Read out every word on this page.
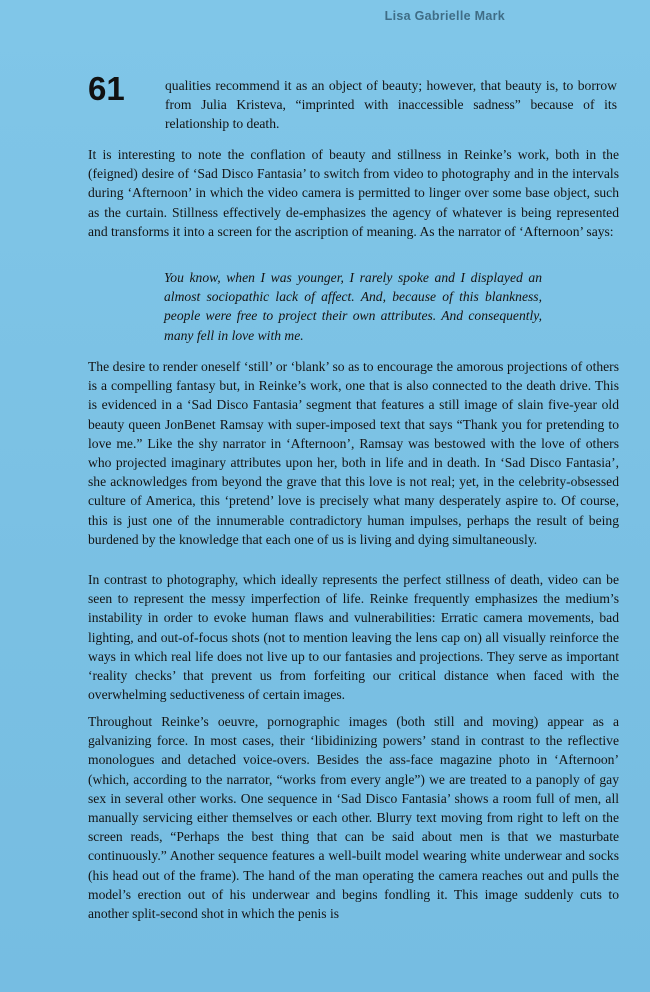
Lisa Gabrielle Mark
61	qualities recommend it as an object of beauty; however, that beauty is, to borrow from Julia Kristeva, “imprinted with inaccessible sadness” because of its relationship to death.

It is interesting to note the conflation of beauty and stillness in Reinke’s work, both in the (feigned) desire of ‘Sad Disco Fantasia’ to switch from video to photography and in the intervals during ‘Afternoon’ in which the video camera is permitted to linger over some base object, such as the curtain. Stillness effectively de-emphasizes the agency of whatever is being represented and transforms it into a screen for the ascription of meaning. As the narrator of ‘Afternoon’ says:

You know, when I was younger, I rarely spoke and I displayed an almost sociopathic lack of affect. And, because of this blankness, people were free to project their own attributes. And consequently, many fell in love with me.

The desire to render oneself ‘still’ or ‘blank’ so as to encourage the amorous projections of others is a compelling fantasy but, in Reinke’s work, one that is also connected to the death drive. This is evidenced in a ‘Sad Disco Fantasia’ segment that features a still image of slain five-year old beauty queen JonBenet Ramsay with super-imposed text that says “Thank you for pretending to love me.” Like the shy narrator in ‘Afternoon’, Ramsay was bestowed with the love of others who projected imaginary attributes upon her, both in life and in death. In ‘Sad Disco Fantasia’, she acknowledges from beyond the grave that this love is not real; yet, in the celebrity-obsessed culture of America, this ‘pretend’ love is precisely what many desperately aspire to. Of course, this is just one of the innumerable contradictory human impulses, perhaps the result of being burdened by the knowledge that each one of us is living and dying simultaneously.

In contrast to photography, which ideally represents the perfect stillness of death, video can be seen to represent the messy imperfection of life. Reinke frequently emphasizes the medium’s instability in order to evoke human flaws and vulnerabilities: Erratic camera movements, bad lighting, and out-of-focus shots (not to mention leaving the lens cap on) all visually reinforce the ways in which real life does not live up to our fantasies and projections. They serve as important ‘reality checks’ that prevent us from forfeiting our critical distance when faced with the overwhelming seductiveness of certain images.

Throughout Reinke’s oeuvre, pornographic images (both still and moving) appear as a galvanizing force. In most cases, their ‘libidinizing powers’ stand in contrast to the reflective monologues and detached voice-overs. Besides the ass-face magazine photo in ‘Afternoon’ (which, according to the narrator, “works from every angle”) we are treated to a panoply of gay sex in several other works. One sequence in ‘Sad Disco Fantasia’ shows a room full of men, all manually servicing either themselves or each other. Blurry text moving from right to left on the screen reads, “Perhaps the best thing that can be said about men is that we masturbate continuously.” Another sequence features a well-built model wearing white underwear and socks (his head out of the frame). The hand of the man operating the camera reaches out and pulls the model’s erection out of his underwear and begins fondling it. This image suddenly cuts to another split-second shot in which the penis is
